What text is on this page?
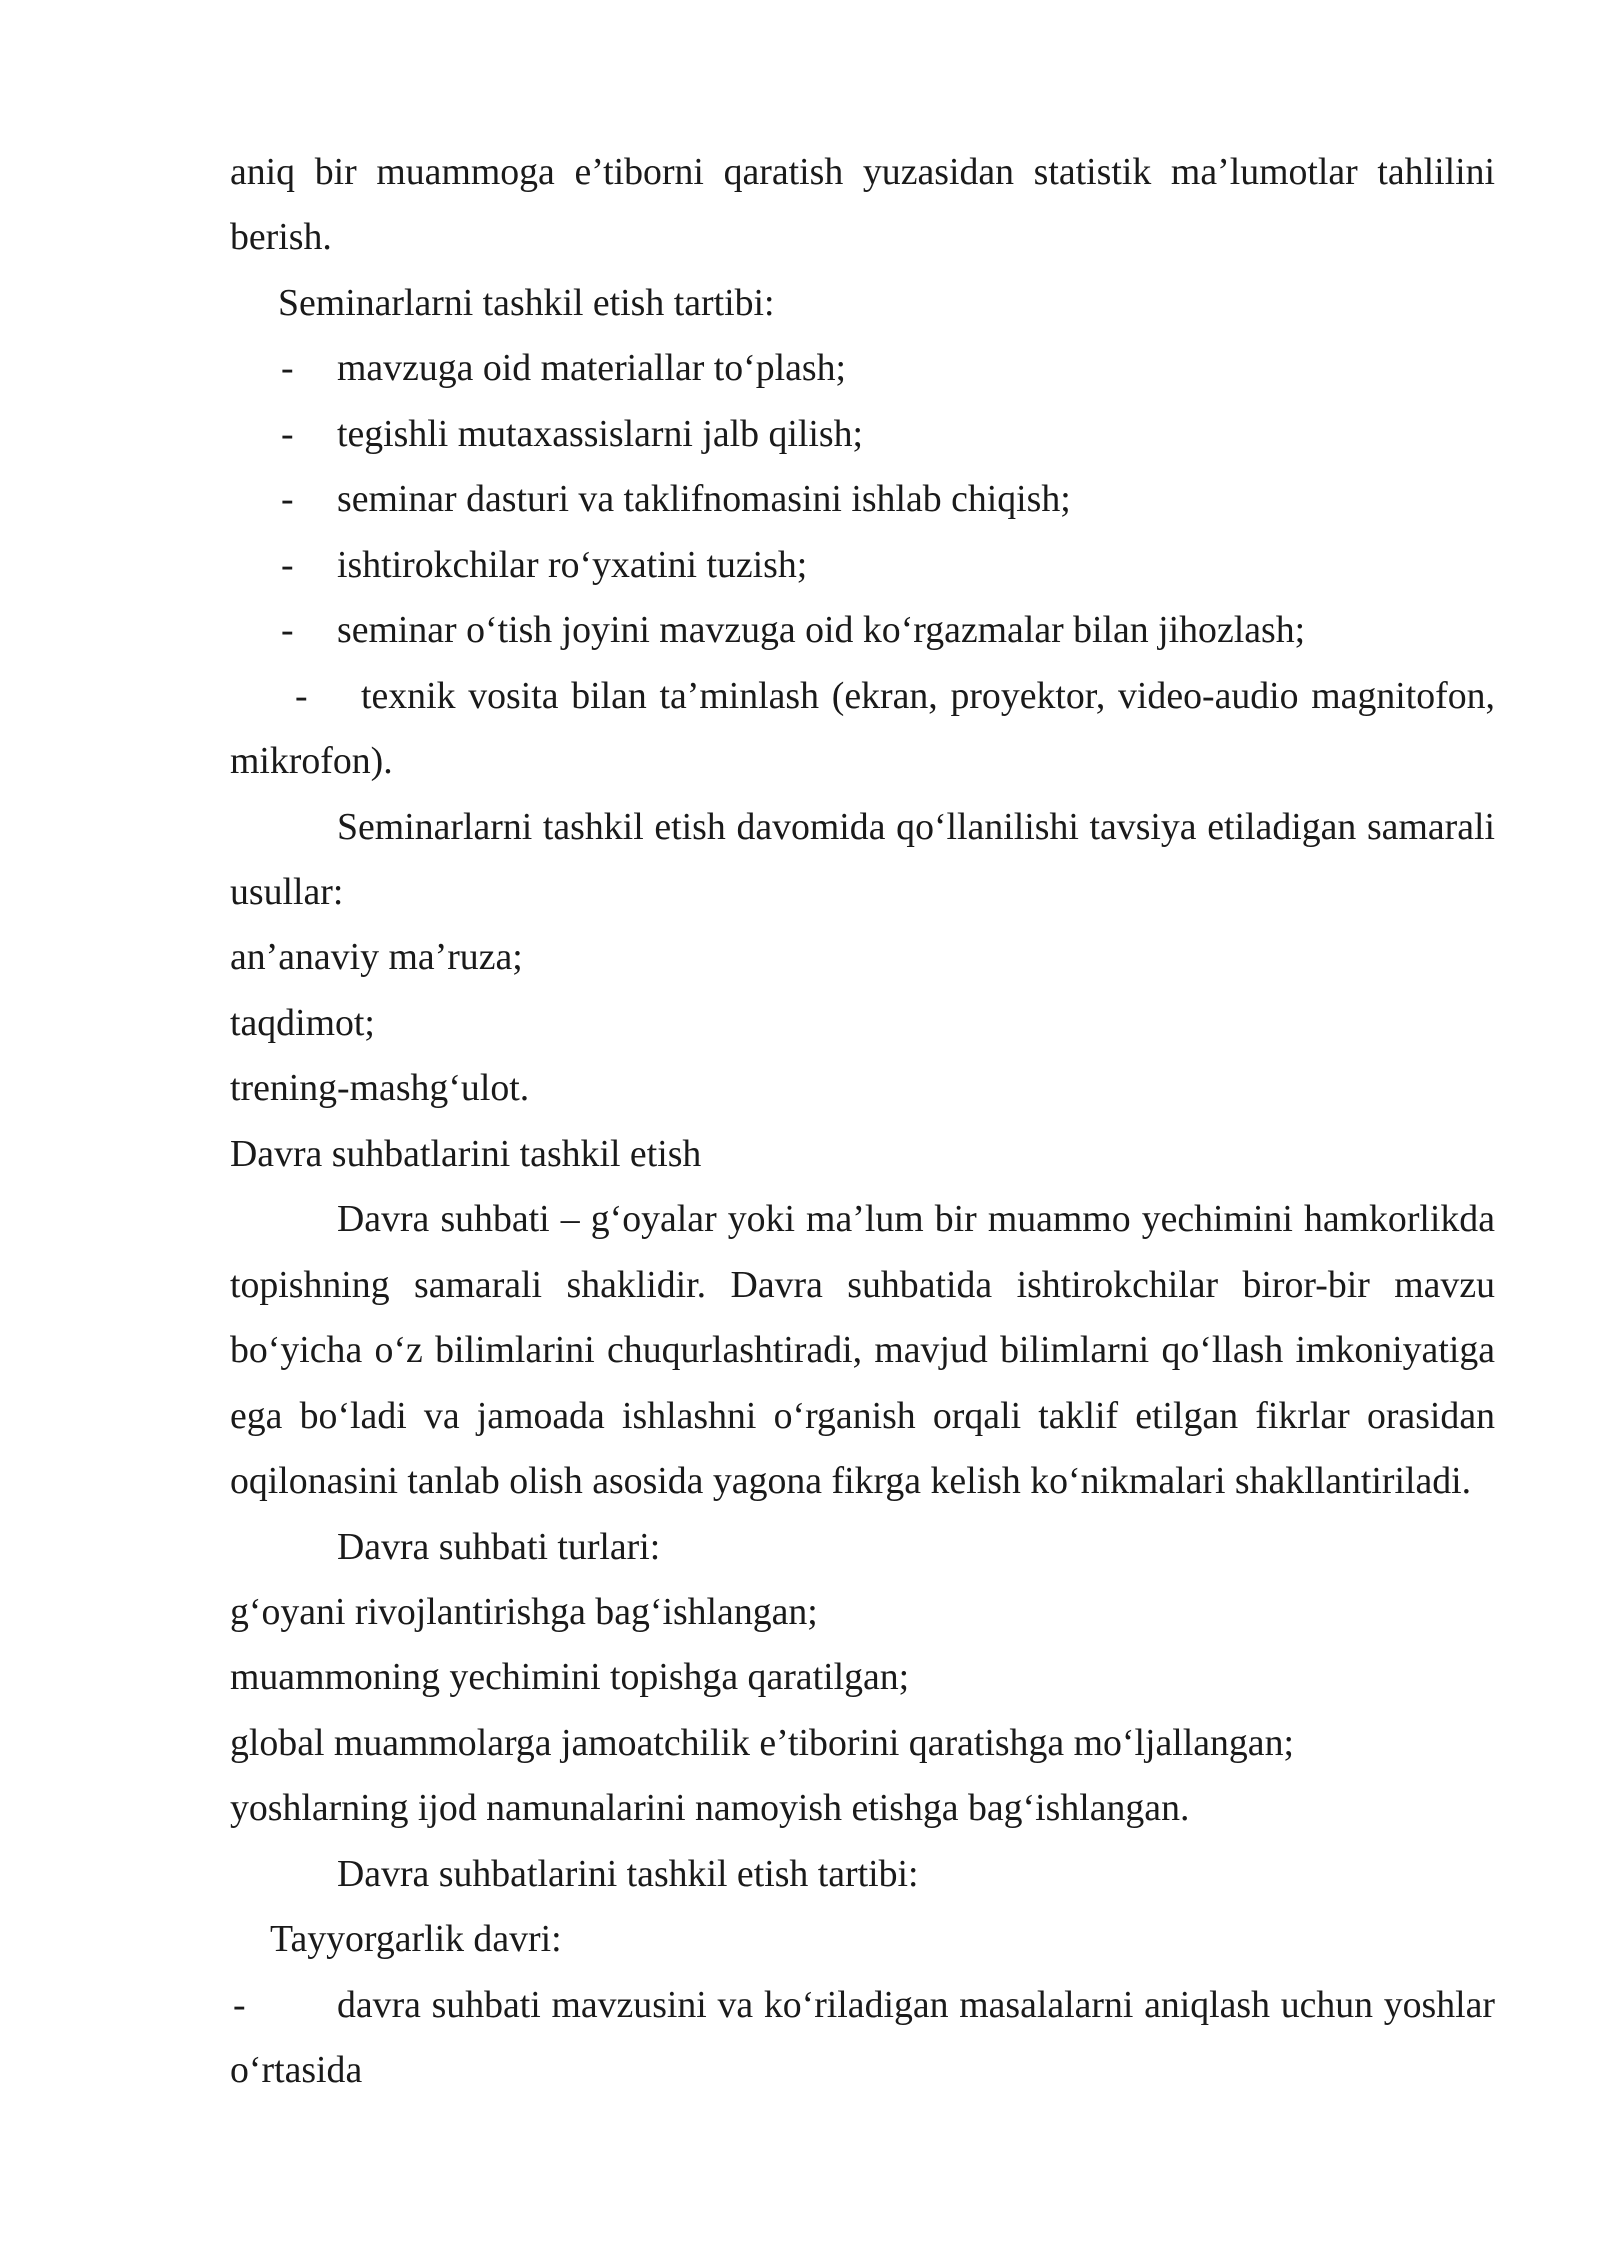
aniq bir muammoga e’tiborni qaratish yuzasidan statistik ma’lumotlar tahlilini
berish.
Seminarlarni tashkil etish tartibi:
- mavzuga oid materiallar to‘plash;
- tegishli mutaxassislarni jalb qilish;
- seminar dasturi va taklifnomasini ishlab chiqish;
- ishtirokchilar ro‘yxatini tuzish;
- seminar o‘tish joyini mavzuga oid ko‘rgazmalar bilan jihozlash;
- texnik vosita bilan ta’minlash (ekran, proyektor, video-audio magnitofon,
mikrofon).
Seminarlarni tashkil etish davomida qo‘llanilishi tavsiya etiladigan samarali
usullar:
an’anaviy ma’ruza;
taqdimot;
trening-mashg‘ulot.
Davra suhbatlarini tashkil etish
Davra suhbati – g‘oyalar yoki ma’lum bir muammo yechimini hamkorlikda
topishning samarali shaklidir. Davra suhbatida ishtirokchilar biror-bir mavzu
bo‘yicha o‘z bilimlarini chuqurlashtiradi, mavjud bilimlarni qo‘llash imkoniyatiga
ega bo‘ladi va jamoada ishlashni o‘rganish orqali taklif etilgan fikrlar orasidan
oqilonasini tanlab olish asosida yagona fikrga kelish ko‘nikmalari shakllantiriladi.
Davra suhbati turlari:
g‘oyani rivojlantirishga bag‘ishlangan;
muammoning yechimini topishga qaratilgan;
global muammolarga jamoatchilik e’tiborini qaratishga mo‘ljallangan;
yoshlarning ijod namunalarini namoyish etishga bag‘ishlangan.
Davra suhbatlarini tashkil etish tartibi:
Tayyorgarlik davri:
- davra suhbati mavzusini va ko‘riladigan masalalarni aniqlash uchun yoshlar
o‘rtasida
